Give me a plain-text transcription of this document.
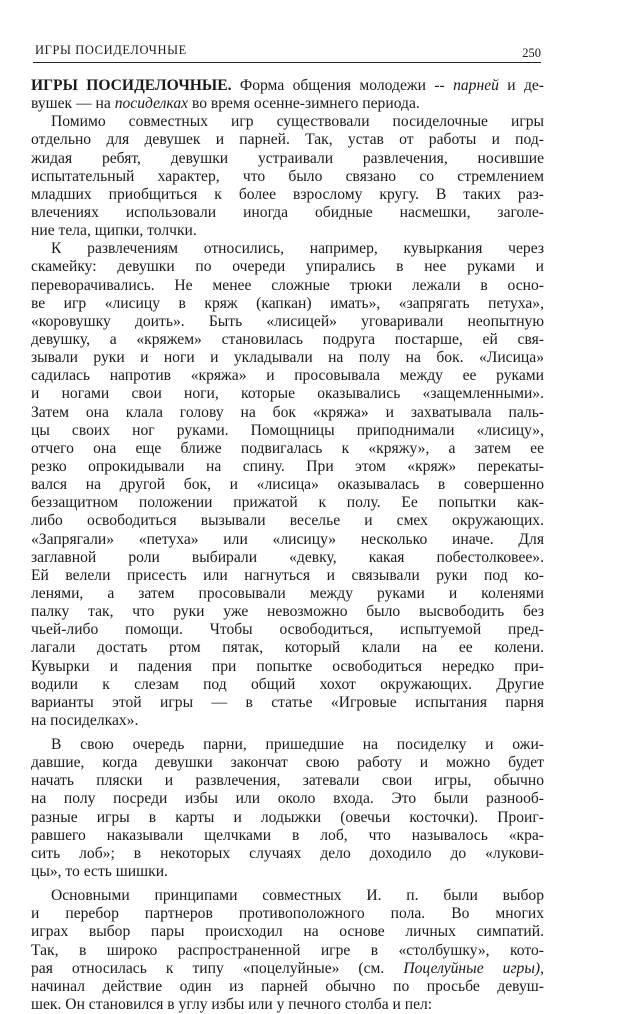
ИГРЫ ПОСИДЕЛОЧНЫЕ	250
ИГРЫ ПОСИДЕЛОЧНЫЕ. Форма общения молодежи -- парней и де-
вушек — на посиделках во время осенне-зимнего периода.
Помимо совместных игр существовали посиделочные игры
отдельно для девушек и парней. Так, устав от работы и под-
жидая ребят, девушки устраивали развлечения, носившие
испытательный характер, что было связано со стремлением
младших приобщиться к более взрослому кругу. В таких раз-
влечениях использовали иногда обидные насмешки, заголе-
ние тела, щипки, толчки.
К развлечениям относились, например, кувыркания через
скамейку: девушки по очереди упирались в нее руками и
переворачивались. Не менее сложные трюки лежали в осно-
ве игр «лисицу в кряж (капкан) имать», «запрягать петуха»,
«коровушку доить». Быть «лисицей» уговаривали неопытную
девушку, а «кряжем» становилась подруга постарше, ей свя-
зывали руки и ноги и укладывали на полу на бок. «Лисица»
садилась напротив «кряжа» и просовывала между ее руками
и ногами свои ноги, которые оказывались «защемленными».
Затем она клала голову на бок «кряжа» и захватывала паль-
цы своих ног руками. Помощницы приподнимали «лисицу»,
отчего она еще ближе подвигалась к «кряжу», а затем ее
резко опрокидывали на спину. При этом «кряж» перекаты-
вался на другой бок, и «лисица» оказывалась в совершенно
беззащитном положении прижатой к полу. Ее попытки как-
либо освободиться вызывали веселье и смех окружающих.
«Запрягали» «петуха» или «лисицу» несколько иначе. Для
заглавной роли выбирали «девку, какая побестолковее».
Ей велели присесть или нагнуться и связывали руки под ко-
ленями, а затем просовывали между руками и коленями
палку так, что руки уже невозможно было высвободить без
чьей-либо помощи. Чтобы освободиться, испытуемой пред-
лагали достать ртом пятак, который клали на ее колени.
Кувырки и падения при попытке освободиться нередко при-
водили к слезам под общий хохот окружающих. Другие
варианты этой игры — в статье «Игровые испытания парня
на посиделках».
В свою очередь парни, пришедшие на посиделку и ожи-
давшие, когда девушки закончат свою работу и можно будет
начать пляски и развлечения, затевали свои игры, обычно
на полу посреди избы или около входа. Это были разнооб-
разные игры в карты и лодыжки (овечьи косточки). Проиг-
равшего наказывали щелчками в лоб, что называлось «кра-
сить лоб»; в некоторых случаях дело доходило до «лукови-
цы», то есть шишки.
Основными принципами совместных И. п. были выбор
и перебор партнеров противоположного пола. Во многих
играх выбор пары происходил на основе личных симпатий.
Так, в широко распространенной игре в «столбушку», кото-
рая относилась к типу «поцелуйные» (см. Поцелуйные игры),
начинал действие один из парней обычно по просьбе девуш-
шек. Он становился в углу избы или у печного столба и пел:
